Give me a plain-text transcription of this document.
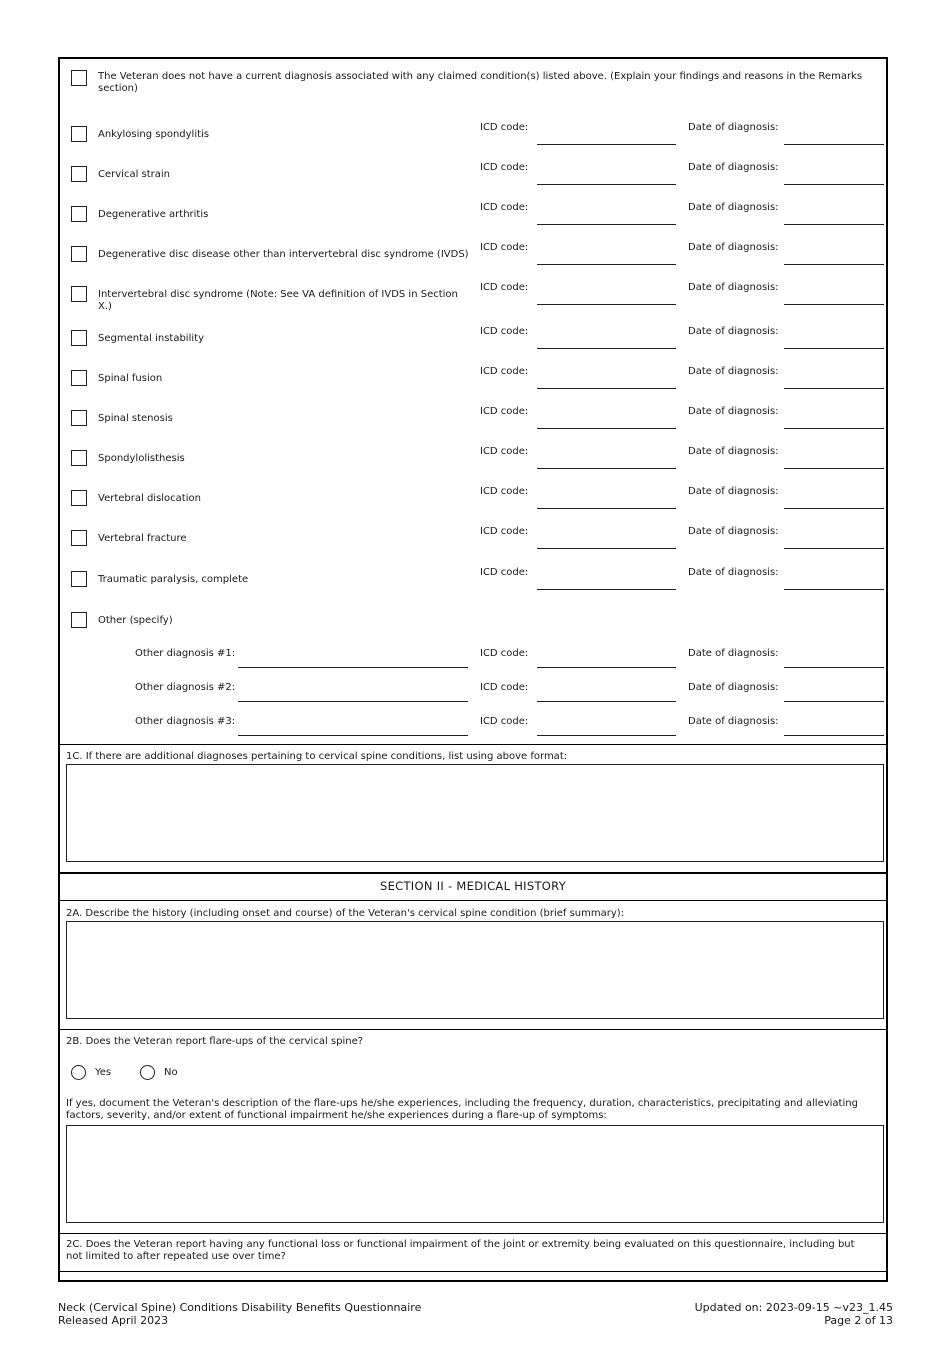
The Veteran does not have a current diagnosis associated with any claimed condition(s) listed above. (Explain your findings and reasons in the Remarks section)
Ankylosing spondylitis
ICD code:	Date of diagnosis:
Cervical strain
ICD code:	Date of diagnosis:
Degenerative arthritis
ICD code:	Date of diagnosis:
Degenerative disc disease other than intervertebral disc syndrome (IVDS)
ICD code:	Date of diagnosis:
Intervertebral disc syndrome (Note: See VA definition of IVDS in Section X.)
ICD code:	Date of diagnosis:
Segmental instability
ICD code:	Date of diagnosis:
Spinal fusion
ICD code:	Date of diagnosis:
Spinal stenosis
ICD code:	Date of diagnosis:
Spondylolisthesis
ICD code:	Date of diagnosis:
Vertebral dislocation
ICD code:	Date of diagnosis:
Vertebral fracture
ICD code:	Date of diagnosis:
Traumatic paralysis, complete
ICD code:	Date of diagnosis:
Other (specify)
Other diagnosis #1:	ICD code:	Date of diagnosis:
Other diagnosis #2:	ICD code:	Date of diagnosis:
Other diagnosis #3:	ICD code:	Date of diagnosis:
1C. If there are additional diagnoses pertaining to cervical spine conditions, list using above format:
SECTION II - MEDICAL HISTORY
2A. Describe the history (including onset and course) of the Veteran's cervical spine condition (brief summary):
2B. Does the Veteran report flare-ups of the cervical spine?
Yes	No
If yes, document the Veteran's description of the flare-ups he/she experiences, including the frequency, duration, characteristics, precipitating and alleviating factors, severity, and/or extent of functional impairment he/she experiences during a flare-up of symptoms:
2C. Does the Veteran report having any functional loss or functional impairment of the joint or extremity being evaluated on this questionnaire, including but not limited to after repeated use over time?
Neck (Cervical Spine) Conditions Disability Benefits Questionnaire
Released April 2023
Updated on: 2023-09-15 ~v23_1.45
Page 2 of 13
